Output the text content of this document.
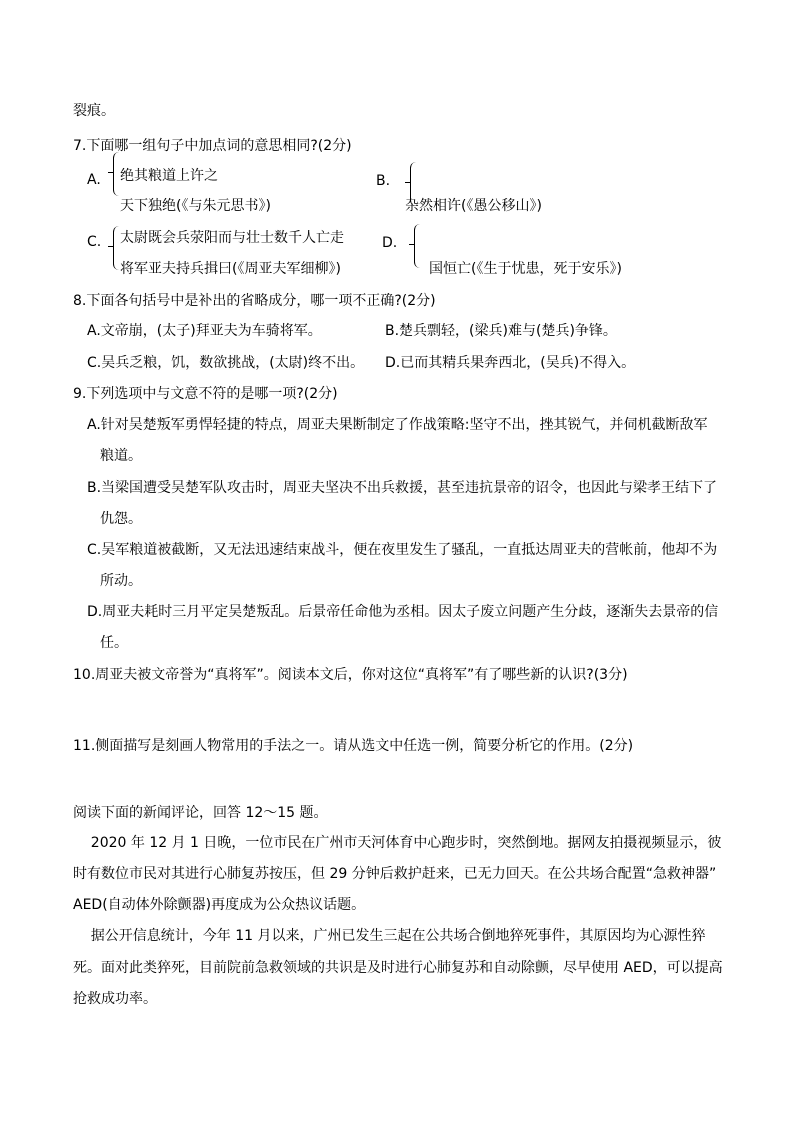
裂痕。
7.下面哪一组句子中加点词的意思相同?(2分)
A. 绝其粮道上许之
天下独绝(《与朱元思书》)
B.
杂然相许(《愚公移山》)
C. 太尉既会兵荥阳而与壮士数千人亡走
将军亚夫持兵揖曰(《周亚夫军细柳》)
D.
国恒亡(《生于忧患，死于安乐》)
8.下面各句括号中是补出的省略成分，哪一项不正确?(2分)
A.文帝崩，(太子)拜亚夫为车骑将军。	B.楚兵剽轻，(梁兵)难与(楚兵)争锋。
C.吴兵乏粮，饥，数欲挑战，(太尉)终不出。 D.已而其精兵果奔西北，(吴兵)不得入。
9.下列选项中与文意不符的是哪一项?(2分)
A.针对吴楚叛军勇悍轻捷的特点，周亚夫果断制定了作战策略:坚守不出，挫其锐气，并伺机截断敌军
粮道。
B.当梁国遭受吴楚军队攻击时，周亚夫坚决不出兵救援，甚至违抗景帝的诏令，也因此与梁孝王结下了
仇怨。
C.吴军粮道被截断，又无法迅速结束战斗，便在夜里发生了骚乱，一直抵达周亚夫的营帐前，他却不为
所动。
D.周亚夫耗时三月平定吴楚叛乱。后景帝任命他为丞相。因太子废立问题产生分歧，逐渐失去景帝的信
任。
10.周亚夫被文帝誉为“真将军”。阅读本文后，你对这位“真将军”有了哪些新的认识?(3分)
11.侧面描写是刻画人物常用的手法之一。请从选文中任选一例，简要分析它的作用。(2分)
阅读下面的新闻评论，回答 12～15 题。
2020 年 12 月 1 日晚，一位市民在广州市天河体育中心跑步时，突然倒地。据网友拍摄视频显示，彼
时有数位市民对其进行心肺复苏按压，但 29 分钟后救护赶来，已无力回天。在公共场合配置“急救神器”
AED(自动体外除颤器)再度成为公众热议话题。
据公开信息统计，今年 11 月以来，广州已发生三起在公共场合倒地猝死事件，其原因均为心源性猝
死。面对此类猝死，目前院前急救领域的共识是及时进行心肺复苏和自动除颤，尽早使用 AED，可以提高
抢救成功率。
